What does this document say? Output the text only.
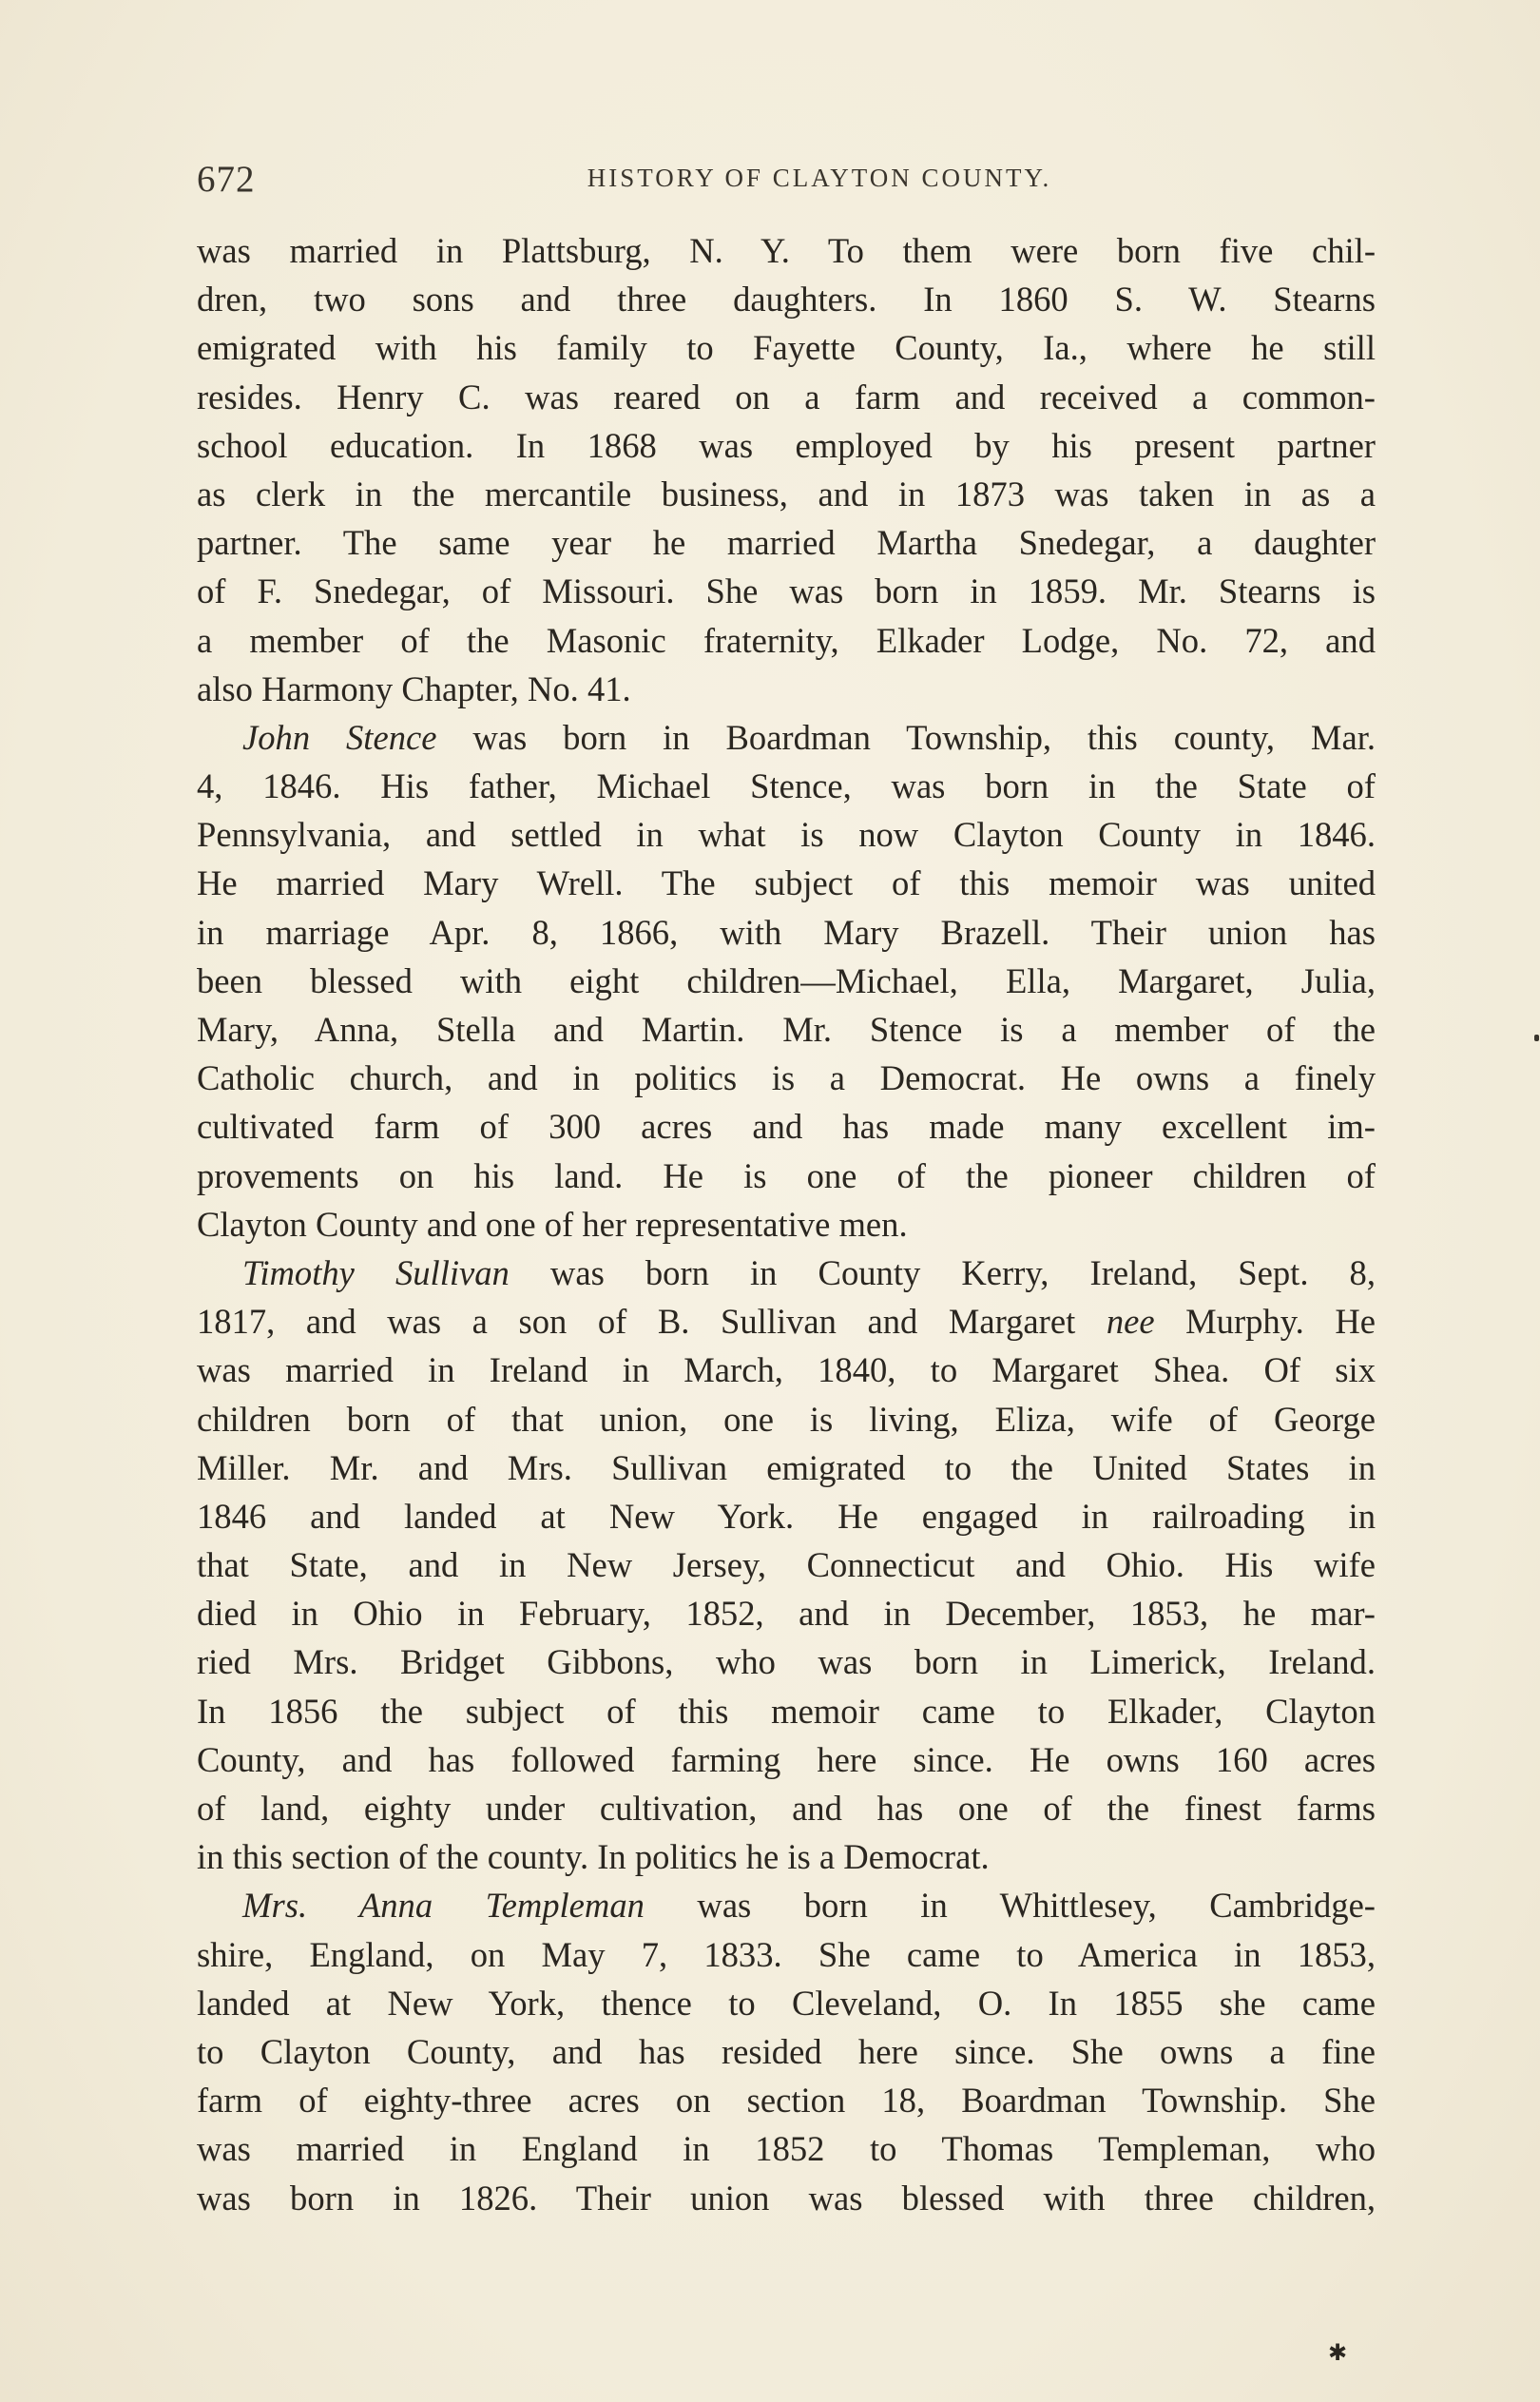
672	HISTORY OF CLAYTON COUNTY.
was married in Plattsburg, N. Y. To them were born five chil-
dren, two sons and three daughters. In 1860 S. W. Stearns
emigrated with his family to Fayette County, Ia., where he still
resides. Henry C. was reared on a farm and received a common-
school education. In 1868 was employed by his present partner
as clerk in the mercantile business, and in 1873 was taken in as a
partner. The same year he married Martha Snedegar, a daughter
of F. Snedegar, of Missouri. She was born in 1859. Mr. Stearns is
a member of the Masonic fraternity, Elkader Lodge, No. 72, and
also Harmony Chapter, No. 41.
John Stence was born in Boardman Township, this county, Mar.
4, 1846. His father, Michael Stence, was born in the State of
Pennsylvania, and settled in what is now Clayton County in 1846.
He married Mary Wrell. The subject of this memoir was united
in marriage Apr. 8, 1866, with Mary Brazell. Their union has
been blessed with eight children—Michael, Ella, Margaret, Julia,
Mary, Anna, Stella and Martin. Mr. Stence is a member of the
Catholic church, and in politics is a Democrat. He owns a finely
cultivated farm of 300 acres and has made many excellent im-
provements on his land. He is one of the pioneer children of
Clayton County and one of her representative men.
Timothy Sullivan was born in County Kerry, Ireland, Sept. 8,
1817, and was a son of B. Sullivan and Margaret nee Murphy. He
was married in Ireland in March, 1840, to Margaret Shea. Of six
children born of that union, one is living, Eliza, wife of George
Miller. Mr. and Mrs. Sullivan emigrated to the United States in
1846 and landed at New York. He engaged in railroading in
that State, and in New Jersey, Connecticut and Ohio. His wife
died in Ohio in February, 1852, and in December, 1853, he mar-
ried Mrs. Bridget Gibbons, who was born in Limerick, Ireland.
In 1856 the subject of this memoir came to Elkader, Clayton
County, and has followed farming here since. He owns 160 acres
of land, eighty under cultivation, and has one of the finest farms
in this section of the county. In politics he is a Democrat.
Mrs. Anna Templeman was born in Whittlesey, Cambridge-
shire, England, on May 7, 1833. She came to America in 1853,
landed at New York, thence to Cleveland, O. In 1855 she came
to Clayton County, and has resided here since. She owns a fine
farm of eighty-three acres on section 18, Boardman Township. She
was married in England in 1852 to Thomas Templeman, who
was born in 1826. Their union was blessed with three children,
✱
